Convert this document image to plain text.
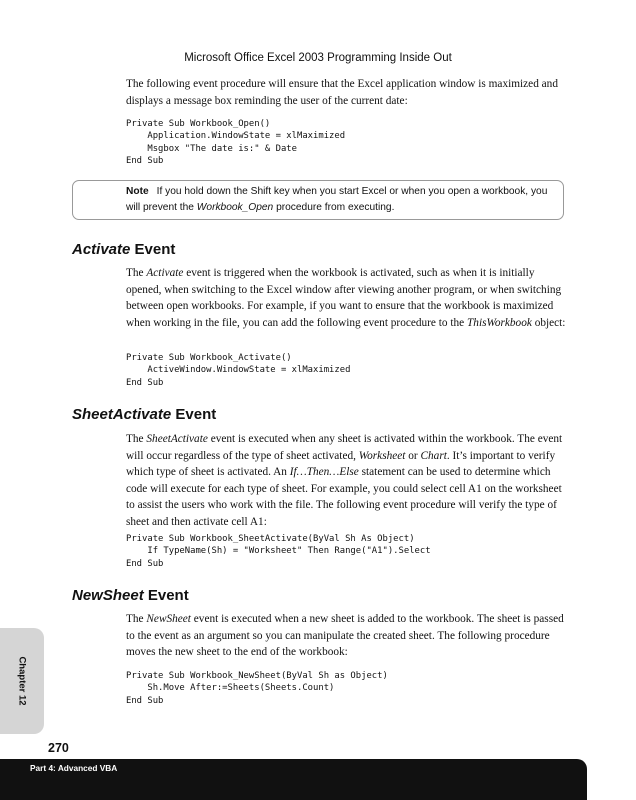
Microsoft Office Excel 2003 Programming Inside Out

The following event procedure will ensure that the Excel application window is maximized and displays a message box reminding the user of the current date:

Private Sub Workbook_Open()
Application.WindowState = xlMaximized
Msgbox "The date is:" & Date
End Sub
Note If you hold down the Shift key when you start Excel or when you open a workbook, you will prevent the Workbook_Open procedure from executing.
Activate Event

The Activate event is triggered when the workbook is activated, such as when it is initially opened, when switching to the Excel window after viewing another program, or when switching between open workbooks. For example, if you want to ensure that the workbook is maximized when working in the file, you can add the following event procedure to the ThisWorkbook object:

Private Sub Workbook_Activate()
ActiveWindow.WindowState = xlMaximized
End Sub
SheetActivate Event

The SheetActivate event is executed when any sheet is activated within the workbook. The event will occur regardless of the type of sheet activated, Worksheet or Chart. It’s important to verify which type of sheet is activated. An If…Then…Else statement can be used to determine which code will execute for each type of sheet. For example, you could select cell A1 on the worksheet to assist the users who work with the file. The following event procedure will verify the type of sheet and then activate cell A1:

Private Sub Workbook_SheetActivate(ByVal Sh As Object)
If TypeName(Sh) = "Worksheet" Then Range("A1").Select
End Sub
NewSheet Event

The NewSheet event is executed when a new sheet is added to the workbook. The sheet is passed to the event as an argument so you can manipulate the created sheet. The following procedure moves the new sheet to the end of the workbook:

Private Sub Workbook_NewSheet(ByVal Sh as Object)
Sh.Move After:=Sheets(Sheets.Count)
End Sub
Chapter 12
270
Part 4: Advanced VBA
